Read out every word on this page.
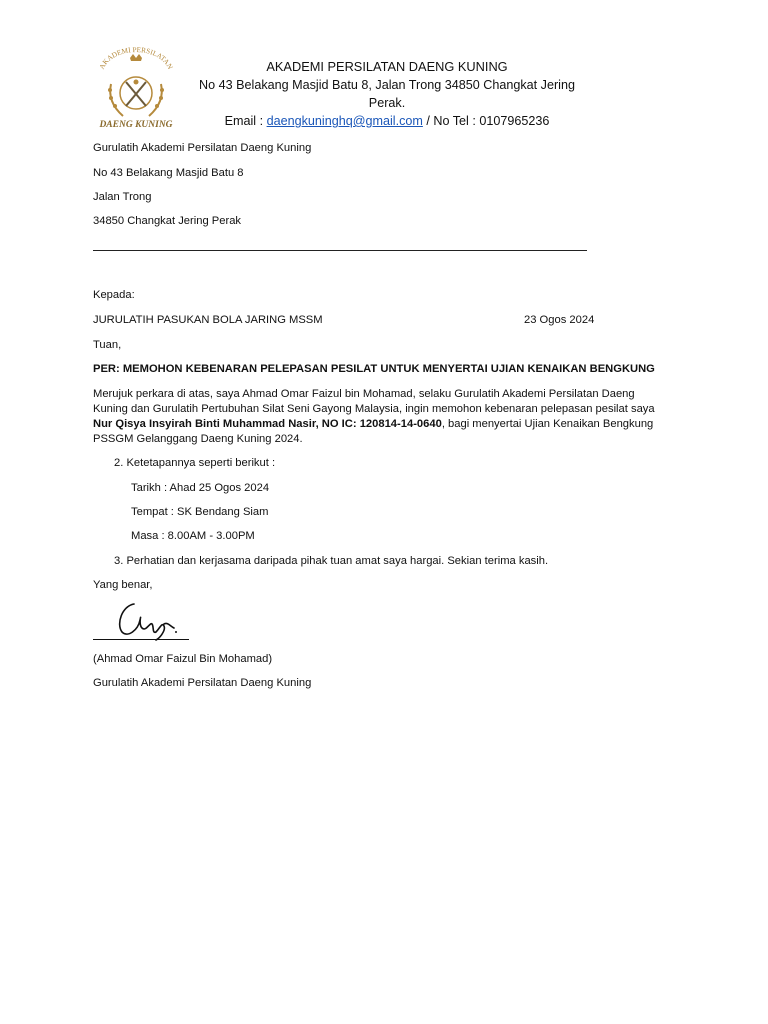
AKADEMI PERSILATAN
DAENG KUNING
AKADEMI PERSILATAN DAENG KUNING
No 43 Belakang Masjid Batu 8, Jalan Trong 34850 Changkat Jering Perak.
Email : daengkuninghq@gmail.com / No Tel : 0107965236
Gurulatih Akademi Persilatan Daeng Kuning
No 43 Belakang Masjid Batu 8
Jalan Trong
34850 Changkat Jering Perak
Kepada:
JURULATIH PASUKAN BOLA JARING MSSM	23 Ogos 2024
Tuan,
PER: MEMOHON KEBENARAN PELEPASAN PESILAT UNTUK MENYERTAI UJIAN KENAIKAN BENGKUNG
Merujuk perkara di atas, saya Ahmad Omar Faizul bin Mohamad, selaku Gurulatih Akademi Persilatan Daeng Kuning dan Gurulatih Pertubuhan Silat Seni Gayong Malaysia, ingin memohon kebenaran pelepasan pesilat saya Nur Qisya Insyirah Binti Muhammad Nasir, NO IC: 120814-14-0640, bagi menyertai Ujian Kenaikan Bengkung PSSGM Gelanggang Daeng Kuning 2024.
2. Ketetapannya seperti berikut :
Tarikh : Ahad 25 Ogos 2024
Tempat : SK Bendang Siam
Masa : 8.00AM - 3.00PM
3. Perhatian dan kerjasama daripada pihak tuan amat saya hargai. Sekian terima kasih.
Yang benar,
(Ahmad Omar Faizul Bin Mohamad)
Gurulatih Akademi Persilatan Daeng Kuning
